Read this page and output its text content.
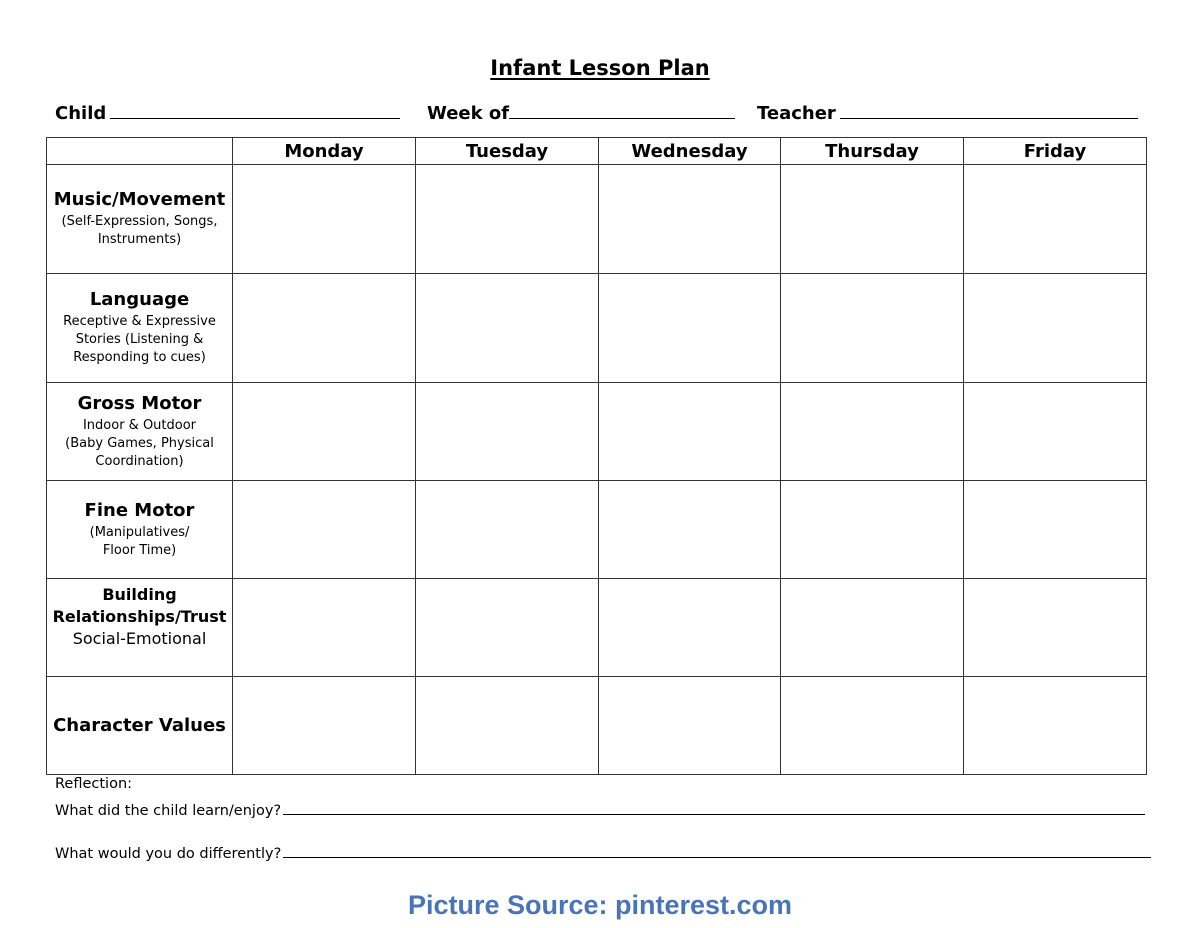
Infant Lesson Plan
Child	Week of	Teacher
	Monday	Tuesday	Wednesday	Thursday	Friday

Music/Movement
(Self-Expression, Songs,
Instruments)					

Language
Receptive & Expressive
Stories (Listening &
Responding to cues)					

Gross Motor
Indoor & Outdoor
(Baby Games, Physical
Coordination)					

Fine Motor
(Manipulatives/
Floor Time)					

Building
Relationships/Trust
Social-Emotional					

Character Values					

Reflection:
What did the child learn/enjoy?
What would you do differently?
Picture Source: pinterest.com
